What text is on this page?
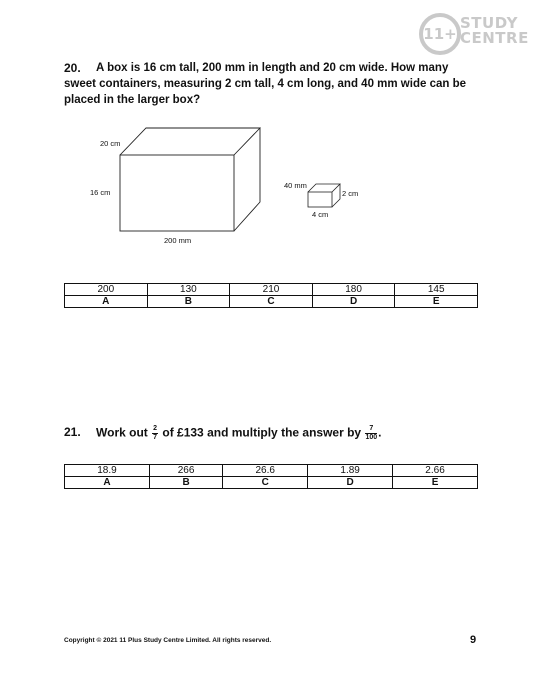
11+
STUDY
CENTRE
20.	A box is 16 cm tall, 200 mm in length and 20 cm wide. How many sweet containers, measuring 2 cm tall, 4 cm long, and 40 mm wide can be placed in the larger box?
20 cm
16 cm
200 mm
40 mm
2 cm
4 cm
200	130	210	180	145
A	B	C	D	E
21. Work out $\frac{2}{7}$ of £133 and multiply the answer by $\frac{7}{100}$ .
18.9	266	26.6	1.89	2.66
A	B	C	D	E
Copyright © 2021 11 Plus Study Centre Limited. All rights reserved.	9
